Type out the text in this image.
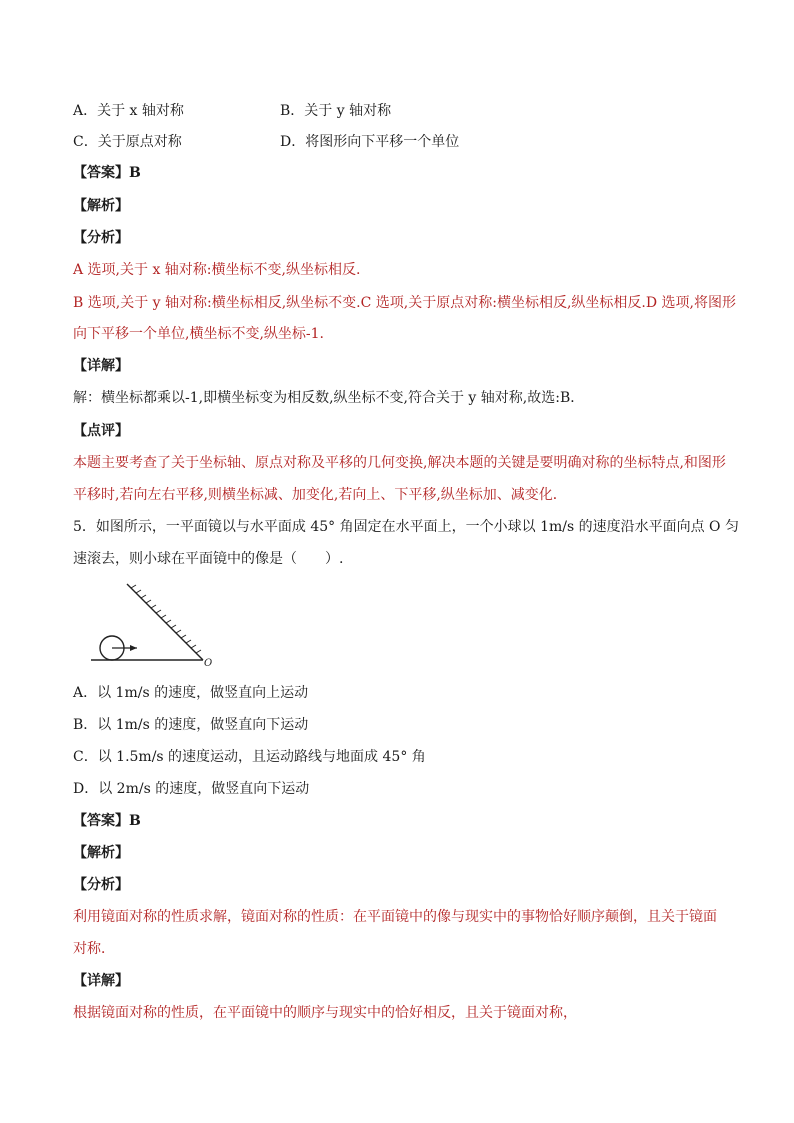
A．关于 x 轴对称	B．关于 y 轴对称
C．关于原点对称	D．将图形向下平移一个单位
【答案】B
【解析】
【分析】
A 选项,关于 x 轴对称:横坐标不变,纵坐标相反.
B 选项,关于 y 轴对称:横坐标相反,纵坐标不变.C 选项,关于原点对称:横坐标相反,纵坐标相反.D 选项,将图形
向下平移一个单位,横坐标不变,纵坐标-1.
【详解】
解：横坐标都乘以-1,即横坐标变为相反数,纵坐标不变,符合关于 y 轴对称,故选:B．
【点评】
本题主要考查了关于坐标轴、原点对称及平移的几何变换,解决本题的关键是要明确对称的坐标特点,和图形
平移时,若向左右平移,则横坐标减、加变化,若向上、下平移,纵坐标加、减变化．
5．如图所示，一平面镜以与水平面成 45° 角固定在水平面上，一个小球以 1m/s 的速度沿水平面向点 O 匀
速滚去，则小球在平面镜中的像是（　　）.
O
A．以 1m/s 的速度，做竖直向上运动
B．以 1m/s 的速度，做竖直向下运动
C．以 1.5m/s 的速度运动，且运动路线与地面成 45° 角
D．以 2m/s 的速度，做竖直向下运动
【答案】B
【解析】
【分析】
利用镜面对称的性质求解，镜面对称的性质：在平面镜中的像与现实中的事物恰好顺序颠倒，且关于镜面
对称．
【详解】
根据镜面对称的性质，在平面镜中的顺序与现实中的恰好相反，且关于镜面对称，
